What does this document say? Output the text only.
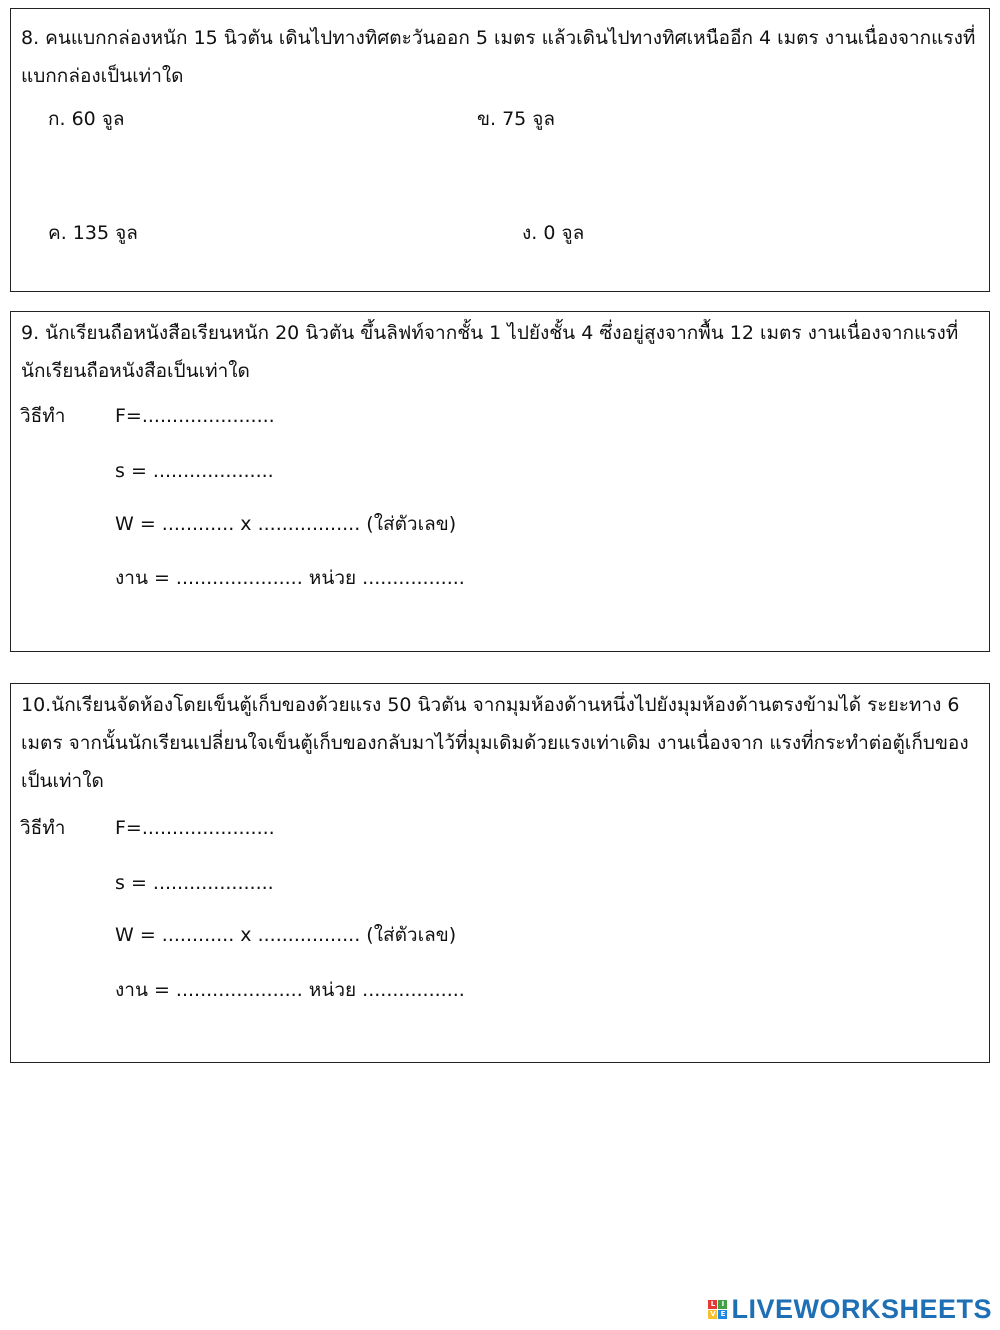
8. คนแบกกล่องหนัก 15 นิวตัน เดินไปทางทิศตะวันออก 5 เมตร แล้วเดินไปทางทิศเหนืออีก 4 เมตร งานเนื่องจากแรงที่แบกกล่องเป็นเท่าใด
ก. 60 จูล	ข. 75 จูล
ค. 135 จูล	ง. 0 จูล
9. นักเรียนถือหนังสือเรียนหนัก 20 นิวตัน ขึ้นลิฟท์จากชั้น 1 ไปยังชั้น 4 ซึ่งอยู่สูงจากพื้น 12 เมตร งานเนื่องจากแรงที่นักเรียนถือหนังสือเป็นเท่าใด
วิธีทำ	F=......................
s = ....................
W = ............ x ................. (ใส่ตัวเลข)
งาน = ..................... หน่วย .................
10.นักเรียนจัดห้องโดยเข็นตู้เก็บของด้วยแรง 50 นิวตัน จากมุมห้องด้านหนึ่งไปยังมุมห้องด้านตรงข้ามได้ ระยะทาง 6 เมตร จากนั้นนักเรียนเปลี่ยนใจเข็นตู้เก็บของกลับมาไว้ที่มุมเดิมด้วยแรงเท่าเดิม งานเนื่องจาก แรงที่กระทำต่อตู้เก็บของเป็นเท่าใด
วิธีทำ	F=......................
s = ....................
W = ............ x ................. (ใส่ตัวเลข)
งาน = ..................... หน่วย .................
L I
V E LIVEWORKSHEETS
